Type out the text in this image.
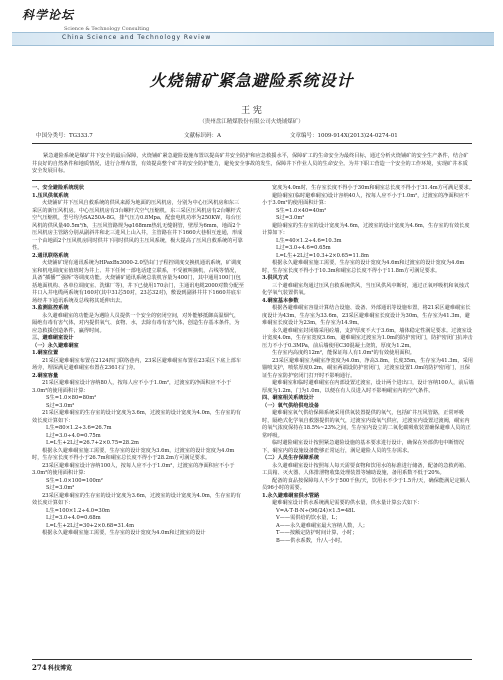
科学论坛
Science & Technology Consulting
China Science and Technology Review
火烧铺矿紧急避险系统设计
王 宪
（贵州盘江精煤股份有限公司火烧铺煤矿）
中国分类号：TG333.7	文献标识码：A	文章编号：1009-914X(2013)24-0274-01
紧急避险系统是煤矿井下安全的最后保障，火烧铺矿紧急避险设施布置以提高矿井安全防护和应急救援水平，保障矿工的生命安全为最终目标，通过分析火烧铺矿的安全生产条件，结合矿井良好的自然条件和地质情况，进行合理布置，有效提高整个矿井的安全防护能力，避免安全事故的发生，保障井下作业人员的生命安全。为井下职工营造一个安全的工作环境，实现矿井本质安全发展目标。

一、安全避险系统现状

1.压风供氧系统

火烧铺矿井下压风自救系统的供风来源为地面的压风机房，分别为中心压风机房和东三采区的新压风机房。中心压风机房有3台螺杆式空气压缩机，东三采区压风机房有2台螺杆式空气压缩机，型号均为SA250A-8G，排气压力0.8Mpa，配套电机功率为250KW，每台压风机的供风量40.5m³/h，主压风管路规为φ168mm热轧无缝钢管，壁厚为6mm，地面2个压风机房主管路分别从副斜井和北三进风上山入井，主管路在井下1660大巷相互连通，形成一个由地面2个压风机房同时供井下同时供风的主压风系统，极大提高了压风自救系统的可靠性。

2.通讯联络系统

火烧铺矿现有通讯系统为HPaxBx3000-2.0型由门子程控调度交换机通讯系统，矿调度室和机电调度室值班时为井上、井下任何一部电话建立联系，不受被叫摘机，占线等情况，具备“插播”“强拆”等调度功能。火烧铺矿通讯系统总装机容量为400门，其中通用100门(包括地面机构、各单位调度室、洗煤厂等)，井下已使用170余门，主通讯电缆2000对数分配至井口入井电缆两系统有160对(其中31芯50对，23芯32对)，敷设到副斜井井下1660井底车场经井下通讯系统及总线将其延伸出去。

3.监测监控系统

永久避难硐室的功能是为遇险人员提供一个安全的密闭空间，对外能够抵御高温烟气，隔绝有毒有害气体，对内提供氧气、食物、水，去除有毒有害气体，创造生存基本条件，为应急救援创造条件，赢得时间。

三、避难硐室设计

（一）永久避难硐室

1.硐室位置

21采区避难硐室布置在2124四门联络巷内，23采区避难硐室布置在23采区下底上部车场旁，埋深满足避难硐室布置在2361石门旁。

2.硐室容量

21采区避难硐室设计容纳80人，按每人应不小于1.0m²，过渡室的净面积应不小于3.0m²的使用面积计算：

S生=1.0×80=80m²

S过=3.0m²

21采区避难硐室的生存室的设计宽度为3.6m，过渡室的设计宽度为4.0m，生存室的有效长度计算如下：

L生=80×1.2÷3.6=26.7m

L过=3.0÷4.0=0.75m

L=L生+2L过=26.7+2×0.75=28.2m

根据永久避难硐室施工需要，生存室的设计宽度为3.6m，过渡室的设计宽度为4.0m时，生存室长度不得小于26.7m和硐室总长度不得小于28.2m方可满足要求。

23采区避难硐室设计容纳100人，按每人应不小于1.0m²，过渡室的净面积应不小于3.0m²的使用面积计算：

S生=1.0×100=100m²

S过=3.0m²

23采区避难硐室的生存室的设计宽度为3.6m，过渡室的设计宽度为4.0m，生存室的有效长度计算如下：

L生=100×1.2÷4.0=30m

L过=3.0÷4.0=0.68m

L=L生+2L过=30+2×0.68=31.4m

根据永久避难硐室施工需要，生存室的设计宽度为4.0m和过渡室的设计

宽度为4.0m时，生存室长度不得小于30m和硐室总长度不得小于31.4m方可满足要求。

避险硐室(临时避难硐室)设计容纳40人，按每人应不小于1.0m²，过渡室的净面积应不小于3.0m²的使用面积计算：

S生=1.0×40=40m²

S过=3.0m²

避险硐室的生存室的设计宽度为4.6m，过渡室的设计宽度为4.6m，生存室的有效长度计算如下：

L生=40×1.2÷4.6=10.3m

L过=3.0÷4.6=0.65m

L=L生+2L过=10.3+2×0.65=11.8m

根据永久避难硐室施工需要，生存室的设计宽度为4.6m和过渡室的设计宽度为4.6m时，生存室长度不得小于10.3m和硐室总长度不得小于11.8m方可满足要求。

3.供风方式

三个避难硐室均通过压风自救系统供风，当压风供风中断时，通过正氧呼吸机和氧烛式化学氧气装置供氧。

4.硐室基本参数

根据各避难硐室容量计算结合设施、设备、外部通讯等设施布置，将21采区避难硐室长度设计为43m，生存室为33.6m，23采区避难硐室长度设计为30m，生存室为41.3m，避难硐室长度设计为23m，生存室为14.9m。

永久避难硐室封闭墙采用砼墙，支护厚度不大于3.6m，墙体稳定性满足要求。过渡室设计宽度4.0m，生存室宽度3.6m，避难硐室过渡室为1.0m的防护密闭门，防护密闭门抗冲击压力不小于0.3MPa，前后墙使用C30混凝土浇筑，厚度为1.2m。

生存室内高度约12m²，能保证每人有1.0m²的有效使用面积。

23采区避难硐室为硐室净宽度为4.0m，净高3.8m，长度35m，生存室为41.3m，采用锚喷支护，喷浆厚度0.2m，硐室两端设防护密闭门，过渡室设置1.0m的防护密闭门，且保证生存室防护密闭门打开时不影响通行。

避难硐室和临时避难硐室在内部设置过渡室，设计两个进出口，设计容纳100人，前后墙厚度为1.2m，门为1.0m，以便在有人员进入时不影响硐室内的空气条件。

四、硐室相关系统设计

（一）氧气供给供电设备

避难硐室氧气供给保障系统采用供氧装置提供的氧气，包括矿井压风管路，正常呼吸时，隔绝式化学氧自救器提供的氧气，过渡室内设氧气供应，过渡室内设置过渡阀，硐室内的氧气浓度保持在18.5%~23%之间，生存室内设立的二氧化碳吸收装置确保避难人员的正常呼吸。

临时避险硐室设计按照紧急避险设施的基本要求进行设计，确保在外部供电中断情况下，硐室内的设施设备能够正常运行，满足避险人员的生存需求。

（二）人员生存保障系统

永久避难硐室设计按照每人每天需要食物和饮用水的标准进行储备，配备的急救药箱、工具箱、灭火器、人体排泄物收集处理装置等辅助设施，备用系数不低于20%。

配备的食品按保障每人不少于500千焦/天，饮用水不少于1.5升/天，确保能满足定额人员96小时的需要。

1.永久避难硐室供水管路

避难硐室设计供水系统满足需要的供水量，供水量计算公式如下：

V=A·T·B·N÷(96/24)×1.5=48L

V——需供给的饮水量，L；

A——永久避难硐室最大容纳人数，人；

T——按额定防护时间计算，小时；

B——供水系数，升/人·小时。

274 科技博览
